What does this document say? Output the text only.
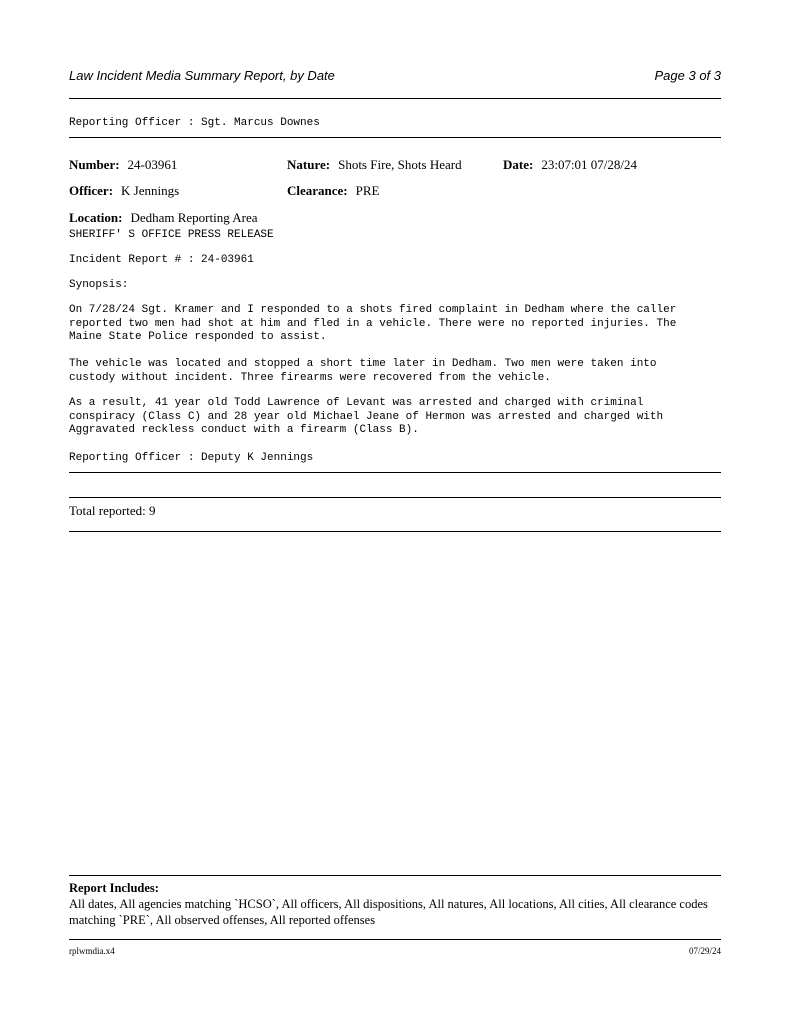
Law Incident Media Summary Report, by Date	Page 3 of 3
Reporting Officer : Sgt. Marcus Downes
Number: 24-03961	Nature: Shots Fire, Shots Heard	Date: 23:07:01 07/28/24
Officer: K Jennings	Clearance: PRE
Location: Dedham Reporting Area
SHERIFF' S OFFICE PRESS RELEASE
Incident Report # : 24-03961
Synopsis:
On 7/28/24 Sgt. Kramer and I responded to a shots fired complaint in Dedham where the caller
reported two men had shot at him and fled in a vehicle. There were no reported injuries. The
Maine State Police responded to assist.
The vehicle was located and stopped a short time later in Dedham. Two men were taken into
custody without incident. Three firearms were recovered from the vehicle.
As a result, 41 year old Todd Lawrence of Levant was arrested and charged with criminal
conspiracy (Class C) and 28 year old Michael Jeane of Hermon was arrested and charged with
Aggravated reckless conduct with a firearm (Class B).
Reporting Officer : Deputy K Jennings
Total reported: 9
Report Includes:
All dates, All agencies matching `HCSO`, All officers, All dispositions, All natures, All locations, All cities, All clearance codes matching `PRE`, All observed offenses, All reported offenses
rplwmdia.x4	07/29/24
